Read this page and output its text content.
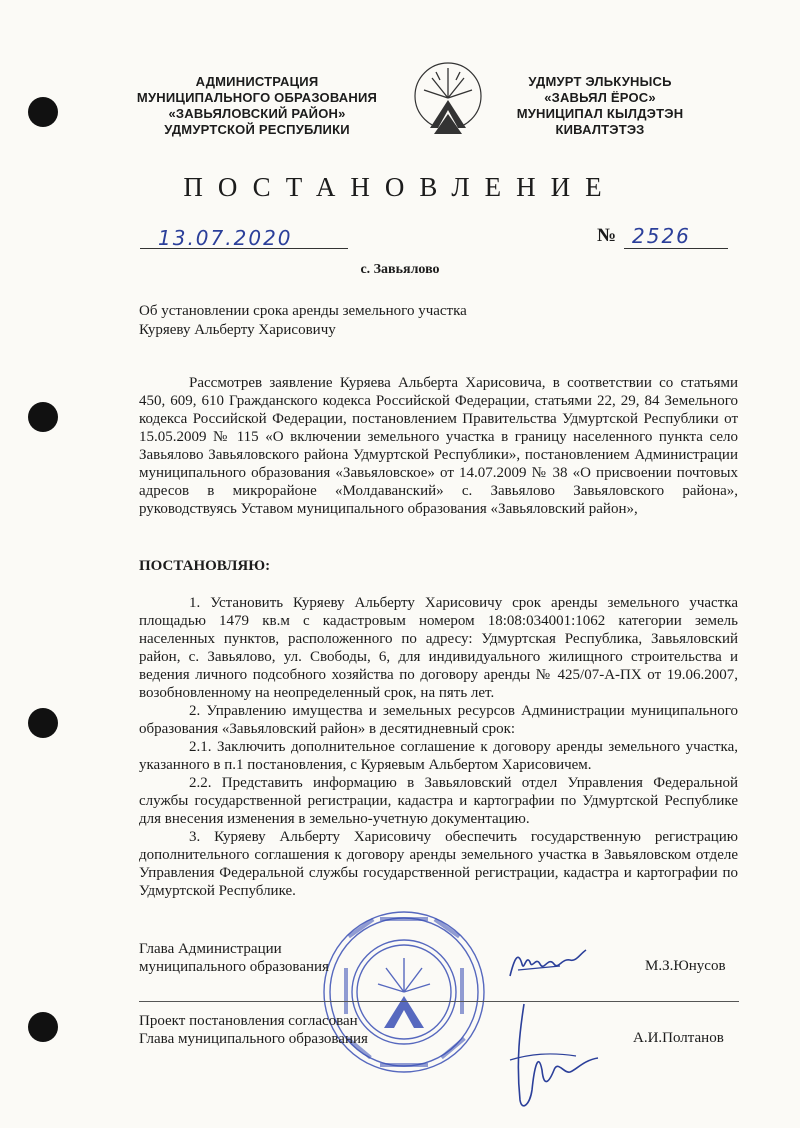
АДМИНИСТРАЦИЯ
МУНИЦИПАЛЬНОГО ОБРАЗОВАНИЯ
«ЗАВЬЯЛОВСКИЙ РАЙОН»
УДМУРТСКОЙ РЕСПУБЛИКИ
УДМУРТ ЭЛЬКУНЫСЬ
«ЗАВЬЯЛ ЁРОС»
МУНИЦИПАЛ КЫЛДЭТЭН
КИВАЛТЭТЭЗ
ПОСТАНОВЛЕНИЕ
13.07.2020	№ 2526
с. Завьялово
Об установлении срока аренды земельного участка
Куряеву Альберту Харисовичу
Рассмотрев заявление Куряева Альберта Харисовича, в соответствии со статьями 450, 609, 610 Гражданского кодекса Российской Федерации, статьями 22, 29, 84 Земельного кодекса Российской Федерации, постановлением Правительства Удмуртской Республики от 15.05.2009 № 115 «О включении земельного участка в границу населенного пункта село Завьялово Завьяловского района Удмуртской Республики», постановлением Администрации муниципального образования «Завьяловское» от 14.07.2009 № 38 «О присвоении почтовых адресов в микрорайоне «Молдаванский» с. Завьялово Завьяловского района», руководствуясь Уставом муниципального образования «Завьяловский район»,
ПОСТАНОВЛЯЮ:

1. Установить Куряеву Альберту Харисовичу срок аренды земельного участка площадью 1479 кв.м с кадастровым номером 18:08:034001:1062 категории земель населенных пунктов, расположенного по адресу: Удмуртская Республика, Завьяловский район, с. Завьялово, ул. Свободы, 6, для индивидуального жилищного строительства и ведения личного подсобного хозяйства по договору аренды № 425/07-А-ПХ от 19.06.2007, возобновленному на неопределенный срок, на пять лет.

2. Управлению имущества и земельных ресурсов Администрации муниципального образования «Завьяловский район» в десятидневный срок:

2.1. Заключить дополнительное соглашение к договору аренды земельного участка, указанного в п.1 постановления, с Куряевым Альбертом Харисовичем.

2.2. Представить информацию в Завьяловский отдел Управления Федеральной службы государственной регистрации, кадастра и картографии по Удмуртской Республике для внесения изменения в земельно-учетную документацию.

3. Куряеву Альберту Харисовичу обеспечить государственную регистрацию дополнительного соглашения к договору аренды земельного участка в Завьяловском отделе Управления Федеральной службы государственной регистрации, кадастра и картографии по Удмуртской Республике.

Глава Администрации
муниципального образования	М.З.Юнусов
Проект постановления согласован
Глава муниципального образования	А.И.Полтанов
